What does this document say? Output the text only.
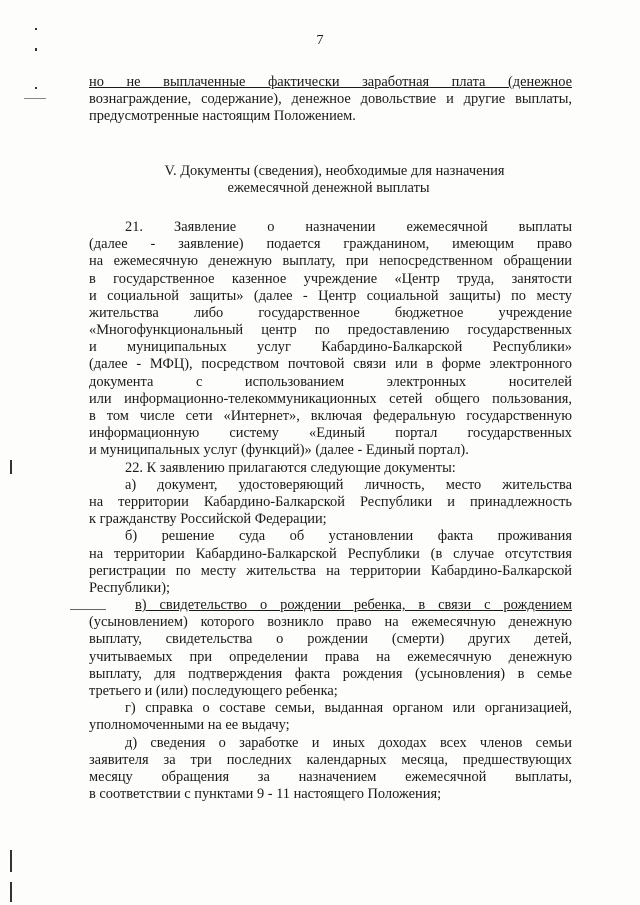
7
но не выплаченные фактически заработная плата (денежное
вознаграждение, содержание), денежное довольствие и другие выплаты,
предусмотренные настоящим Положением.
V. Документы (сведения), необходимые для назначения
ежемесячной денежной выплаты
21. Заявление о назначении ежемесячной выплаты
(далее - заявление) подается гражданином, имеющим право
на ежемесячную денежную выплату, при непосредственном обращении
в государственное казенное учреждение «Центр труда, занятости
и социальной защиты» (далее - Центр социальной защиты) по месту
жительства либо государственное бюджетное учреждение
«Многофункциональный центр по предоставлению государственных
и муниципальных услуг Кабардино-Балкарской Республики»
(далее - МФЦ), посредством почтовой связи или в форме электронного
документа с использованием электронных носителей
или информационно-телекоммуникационных сетей общего пользования,
в том числе сети «Интернет», включая федеральную государственную
информационную систему «Единый портал государственных
и муниципальных услуг (функций)» (далее - Единый портал).
22. К заявлению прилагаются следующие документы:
а) документ, удостоверяющий личность, место жительства
на территории Кабардино-Балкарской Республики и принадлежность
к гражданству Российской Федерации;
б) решение суда об установлении факта проживания
на территории Кабардино-Балкарской Республики (в случае отсутствия
регистрации по месту жительства на территории Кабардино-Балкарской
Республики);
в) свидетельство о рождении ребенка, в связи с рождением
(усыновлением) которого возникло право на ежемесячную денежную
выплату, свидетельства о рождении (смерти) других детей,
учитываемых при определении права на ежемесячную денежную
выплату, для подтверждения факта рождения (усыновления) в семье
третьего и (или) последующего ребенка;
г) справка о составе семьи, выданная органом или организацией,
уполномоченными на ее выдачу;
д) сведения о заработке и иных доходах всех членов семьи
заявителя за три последних календарных месяца, предшествующих
месяцу обращения за назначением ежемесячной выплаты,
в соответствии с пунктами 9 - 11 настоящего Положения;
